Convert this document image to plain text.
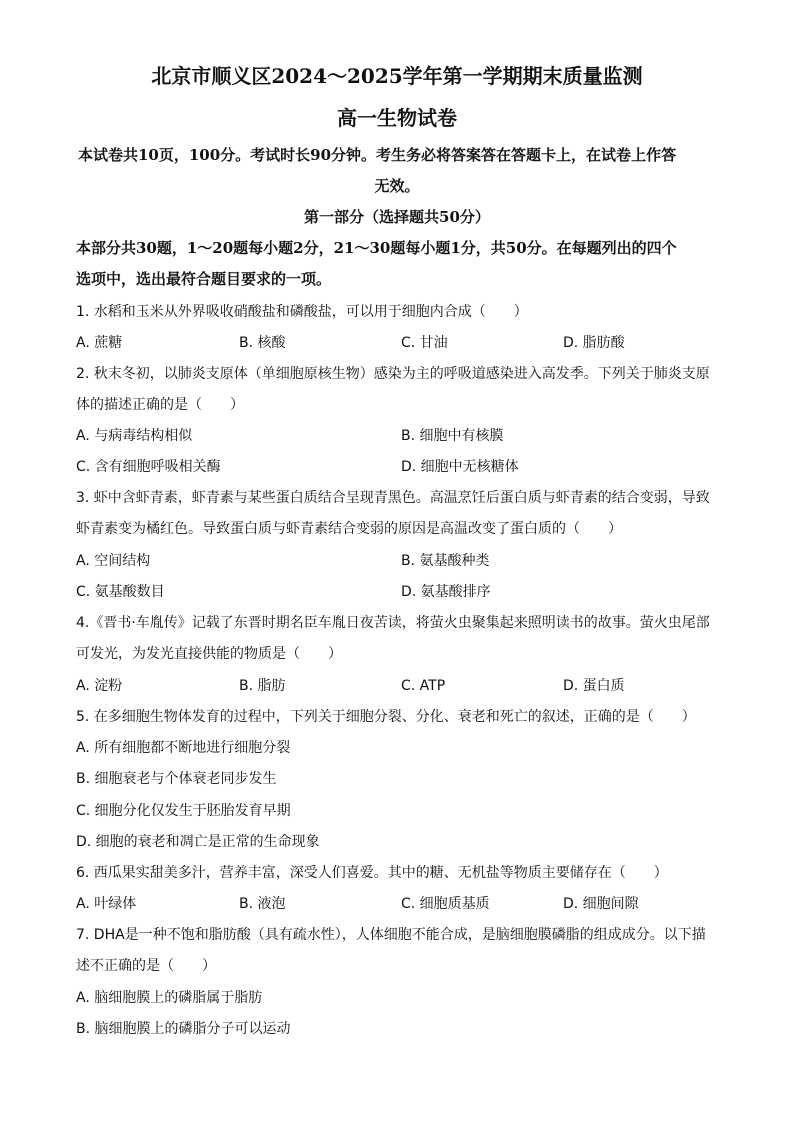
北京市顺义区2024～2025学年第一学期期末质量监测
高一生物试卷
本试卷共10页，100分。考试时长90分钟。考生务必将答案答在答题卡上，在试卷上作答
无效。
第一部分（选择题共50分）
本部分共30题，1～20题每小题2分，21～30题每小题1分，共50分。在每题列出的四个
选项中，选出最符合题目要求的一项。
1. 水稻和玉米从外界吸收硝酸盐和磷酸盐，可以用于细胞内合成（　　）
A. 蔗糖	B. 核酸	C. 甘油	D. 脂肪酸
2. 秋末冬初，以肺炎支原体（单细胞原核生物）感染为主的呼吸道感染进入高发季。下列关于肺炎支原
体的描述正确的是（　　）
A. 与病毒结构相似	B. 细胞中有核膜
C. 含有细胞呼吸相关酶	D. 细胞中无核糖体
3. 虾中含虾青素，虾青素与某些蛋白质结合呈现青黑色。高温烹饪后蛋白质与虾青素的结合变弱，导致
虾青素变为橘红色。导致蛋白质与虾青素结合变弱的原因是高温改变了蛋白质的（　　）
A. 空间结构	B. 氨基酸种类
C. 氨基酸数目	D. 氨基酸排序
4.《晋书·车胤传》记载了东晋时期名臣车胤日夜苦读，将萤火虫聚集起来照明读书的故事。萤火虫尾部
可发光，为发光直接供能的物质是（　　）
A. 淀粉	B. 脂肪	C. ATP	D. 蛋白质
5. 在多细胞生物体发育的过程中，下列关于细胞分裂、分化、衰老和死亡的叙述，正确的是（　　）
A. 所有细胞都不断地进行细胞分裂
B. 细胞衰老与个体衰老同步发生
C. 细胞分化仅发生于胚胎发育早期
D. 细胞的衰老和凋亡是正常的生命现象
6. 西瓜果实甜美多汁，营养丰富，深受人们喜爱。其中的糖、无机盐等物质主要储存在（　　）
A. 叶绿体	B. 液泡	C. 细胞质基质	D. 细胞间隙
7. DHA是一种不饱和脂肪酸（具有疏水性），人体细胞不能合成，是脑细胞膜磷脂的组成成分。以下描
述不正确的是（　　）
A. 脑细胞膜上的磷脂属于脂肪
B. 脑细胞膜上的磷脂分子可以运动
